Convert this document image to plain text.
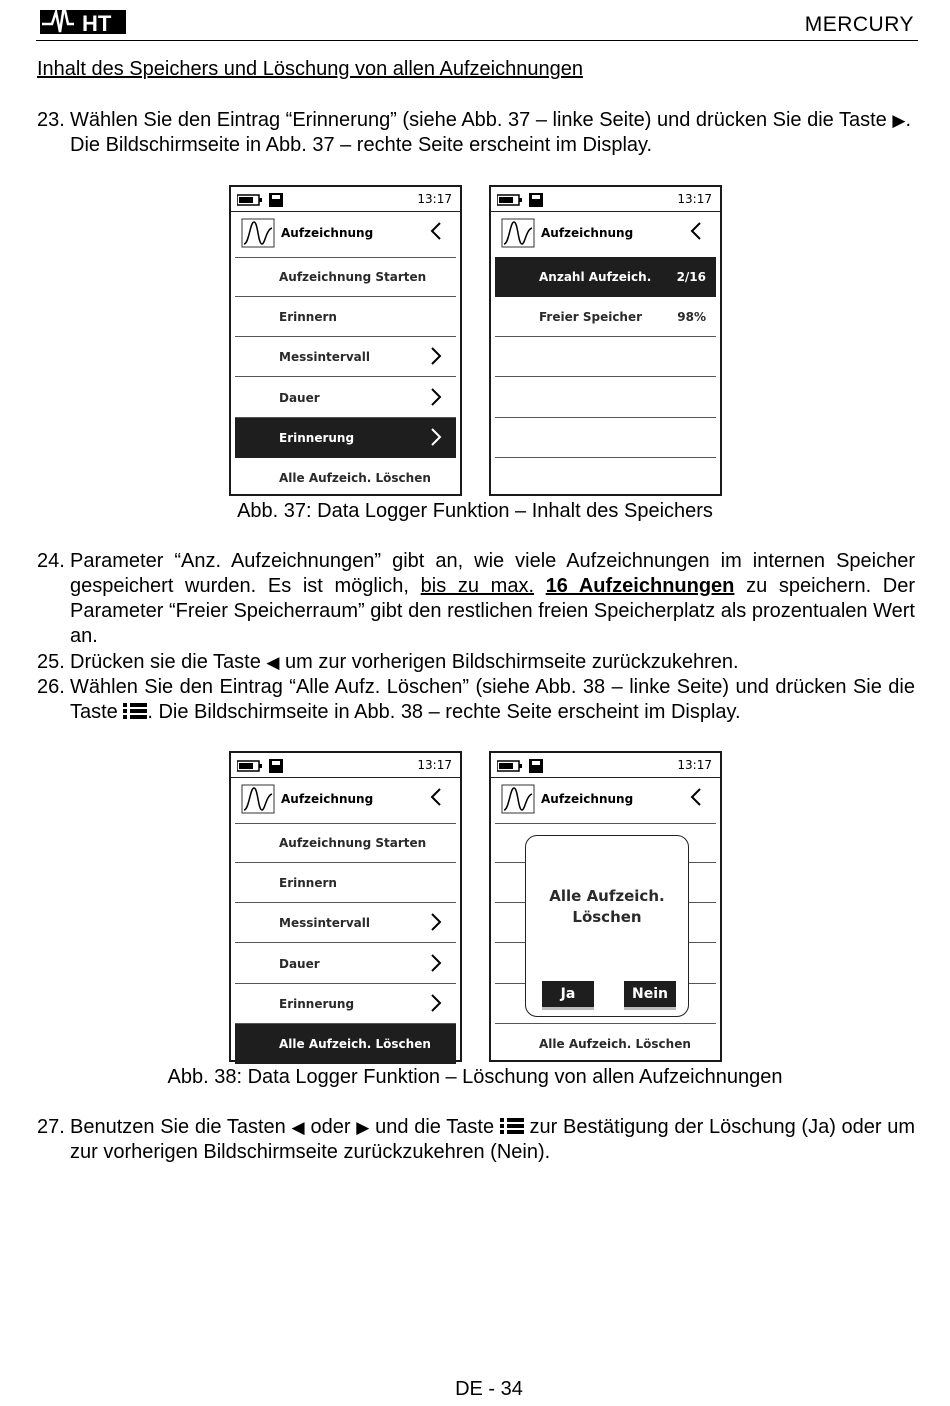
HT	MERCURY
Inhalt des Speichers und Löschung von allen Aufzeichnungen
23. Wählen Sie den Eintrag “Erinnerung” (siehe Abb. 37 – linke Seite) und drücken Sie die Taste ▶. Die Bildschirmseite in Abb. 37 – rechte Seite erscheint im Display.
13:17
Aufzeichnung
Aufzeichnung Starten
Erinnern
Messintervall
Dauer
Erinnerung
Alle Aufzeich. Löschen
13:17
Aufzeichnung
Anzahl Aufzeich. 2/16
Freier Speicher	98%
Abb. 37: Data Logger Funktion – Inhalt des Speichers
24. Parameter “Anz. Aufzeichnungen” gibt an, wie viele Aufzeichnungen im internen Speicher gespeichert wurden. Es ist möglich, bis zu max. 16 Aufzeichnungen zu speichern. Der Parameter “Freier Speicherraum” gibt den restlichen freien Speicherplatz als prozentualen Wert an.
25. Drücken sie die Taste ◀ um zur vorherigen Bildschirmseite zurückzukehren.
26. Wählen Sie den Eintrag “Alle Aufz. Löschen” (siehe Abb. 38 – linke Seite) und drücken Sie die Taste . Die Bildschirmseite in Abb. 38 – rechte Seite erscheint im Display.
13:17
Aufzeichnung
Aufzeichnung Starten
Erinnern
Messintervall
Dauer
Erinnerung
Alle Aufzeich. Löschen
13:17
Aufzeichnung
Alle Aufzeich. Löschen
Alle Aufzeich.
Löschen
Ja	Nein
Abb. 38: Data Logger Funktion – Löschung von allen Aufzeichnungen
27. Benutzen Sie die Tasten ◀ oder ▶ und die Taste zur Bestätigung der Löschung (Ja) oder um zur vorherigen Bildschirmseite zurückzukehren (Nein).
DE - 34
